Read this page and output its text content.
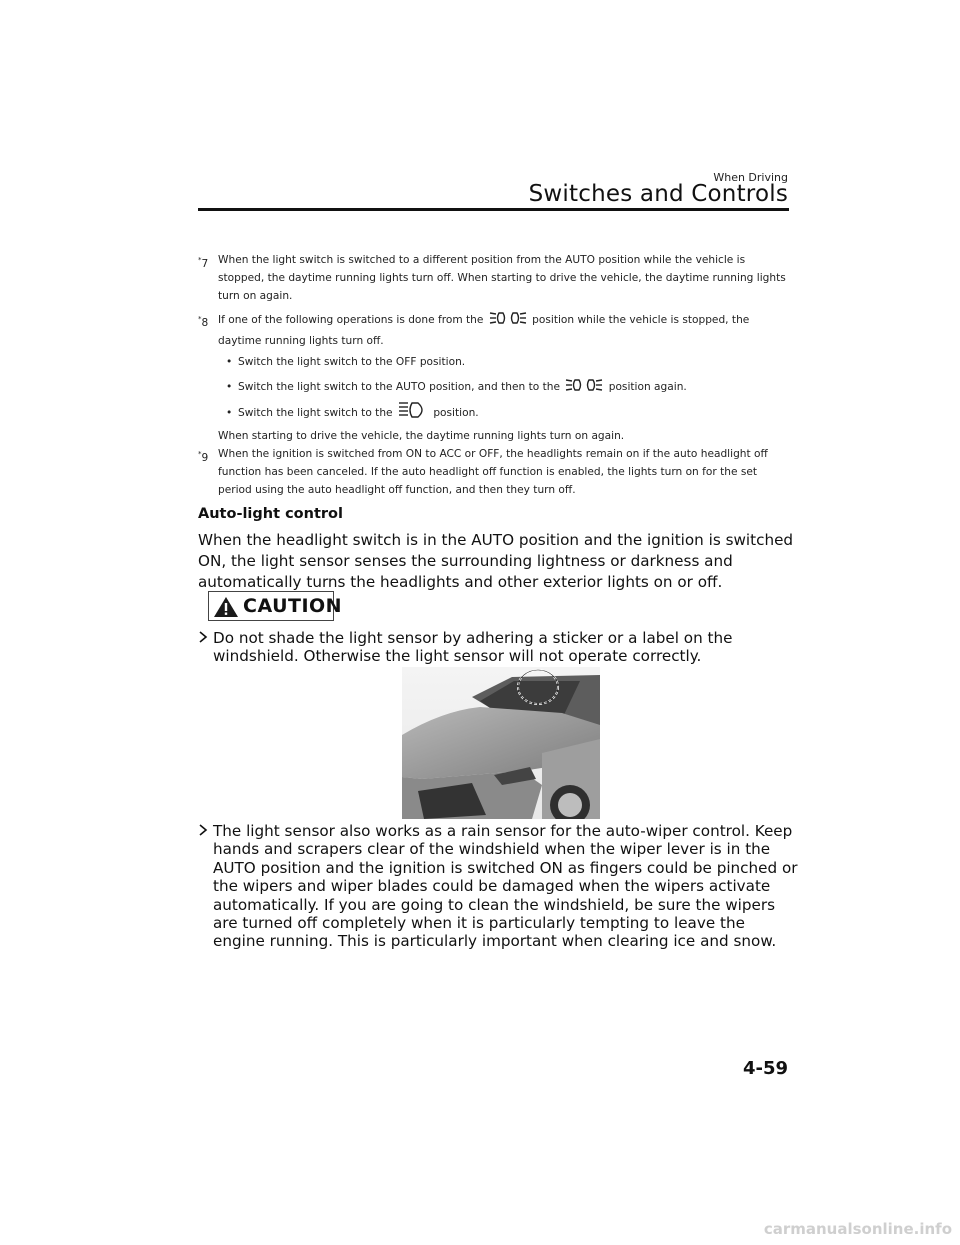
When Driving
Switches and Controls
*7 When the light switch is switched to a different position from the AUTO position while the vehicle is stopped, the daytime running lights turn off. When starting to drive the vehicle, the daytime running lights turn on again.
*8 If one of the following operations is done from the	position while the vehicle is stopped, the
daytime running lights turn off.
• Switch the light switch to the OFF position.
• Switch the light switch to the AUTO position, and then to the	position again.
• Switch the light switch to the	position.
When starting to drive the vehicle, the daytime running lights turn on again.
*9 When the ignition is switched from ON to ACC or OFF, the headlights remain on if the auto headlight off function has been canceled. If the auto headlight off function is enabled, the lights turn on for the set period using the auto headlight off function, and then they turn off.
Auto-light control
When the headlight switch is in the AUTO position and the ignition is switched ON, the light sensor senses the surrounding lightness or darkness and automatically turns the headlights and other exterior lights on or off.
CAUTION
Do not shade the light sensor by adhering a sticker or a label on the windshield. Otherwise the light sensor will not operate correctly.
The light sensor also works as a rain sensor for the auto-wiper control. Keep hands and scrapers clear of the windshield when the wiper lever is in the AUTO position and the ignition is switched ON as fingers could be pinched or the wipers and wiper blades could be damaged when the wipers activate automatically. If you are going to clean the windshield, be sure the wipers are turned off completely when it is particularly tempting to leave the engine running. This is particularly important when clearing ice and snow.
4-59
carmanualsonline.info
